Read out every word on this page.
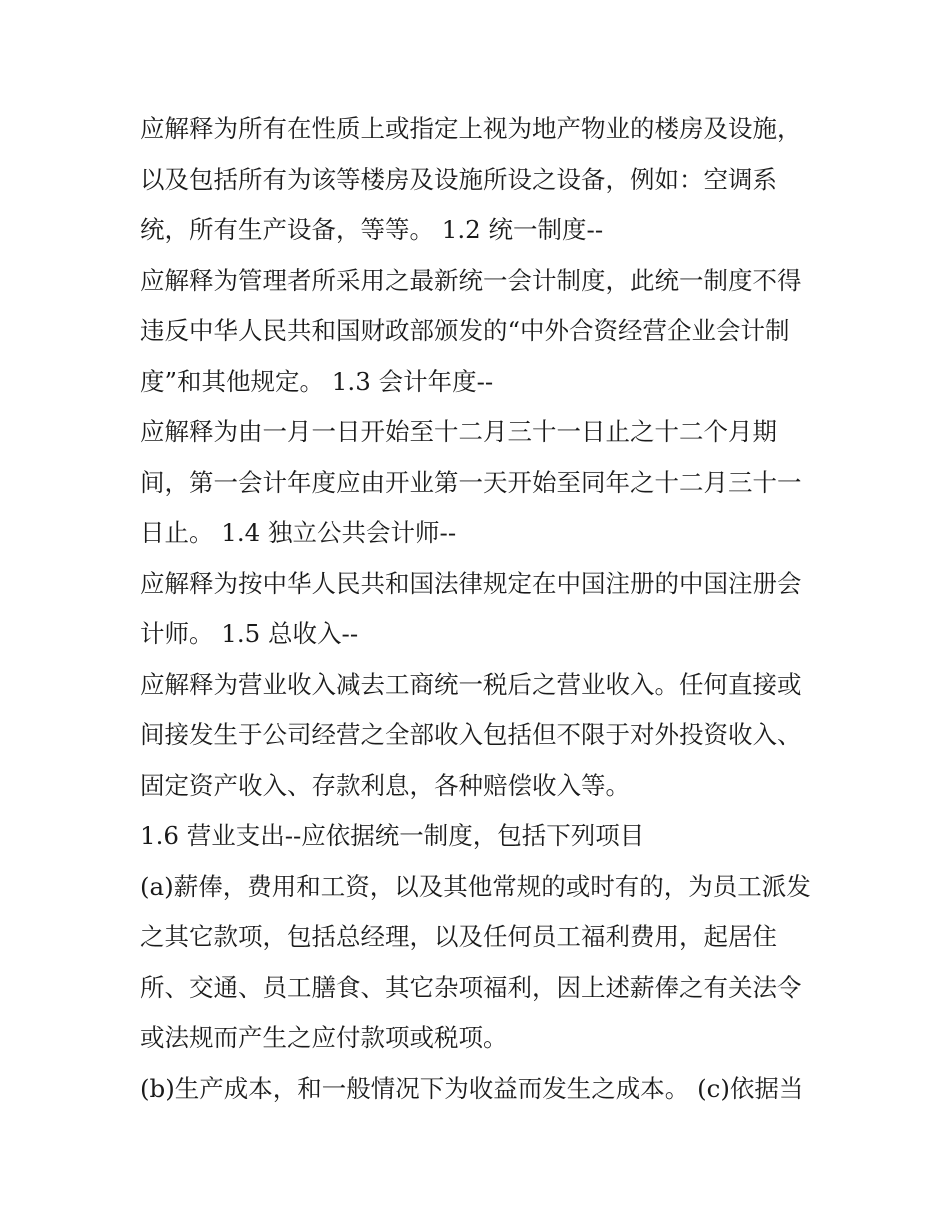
应解释为所有在性质上或指定上视为地产物业的楼房及设施，以及包括所有为该等楼房及设施所设之设备，例如：空调系统，所有生产设备，等等。 1.2 统一制度--

应解释为管理者所采用之最新统一会计制度，此统一制度不得违反中华人民共和国财政部颁发的“中外合资经营企业会计制度”和其他规定。 1.3 会计年度--

应解释为由一月一日开始至十二月三十一日止之十二个月期间，第一会计年度应由开业第一天开始至同年之十二月三十一日止。 1.4 独立公共会计师--

应解释为按中华人民共和国法律规定在中国注册的中国注册会计师。 1.5 总收入--

应解释为营业收入减去工商统一税后之营业收入。任何直接或间接发生于公司经营之全部收入包括但不限于对外投资收入、固定资产收入、存款利息，各种赔偿收入等。

1.6 营业支出--应依据统一制度，包括下列项目

(a)薪俸，费用和工资，以及其他常规的或时有的，为员工派发之其它款项，包括总经理，以及任何员工福利费用，起居住所、交通、员工膳食、其它杂项福利，因上述薪俸之有关法令或法规而产生之应付款项或税项。

(b)生产成本，和一般情况下为收益而发生之成本。 (c)依据当
